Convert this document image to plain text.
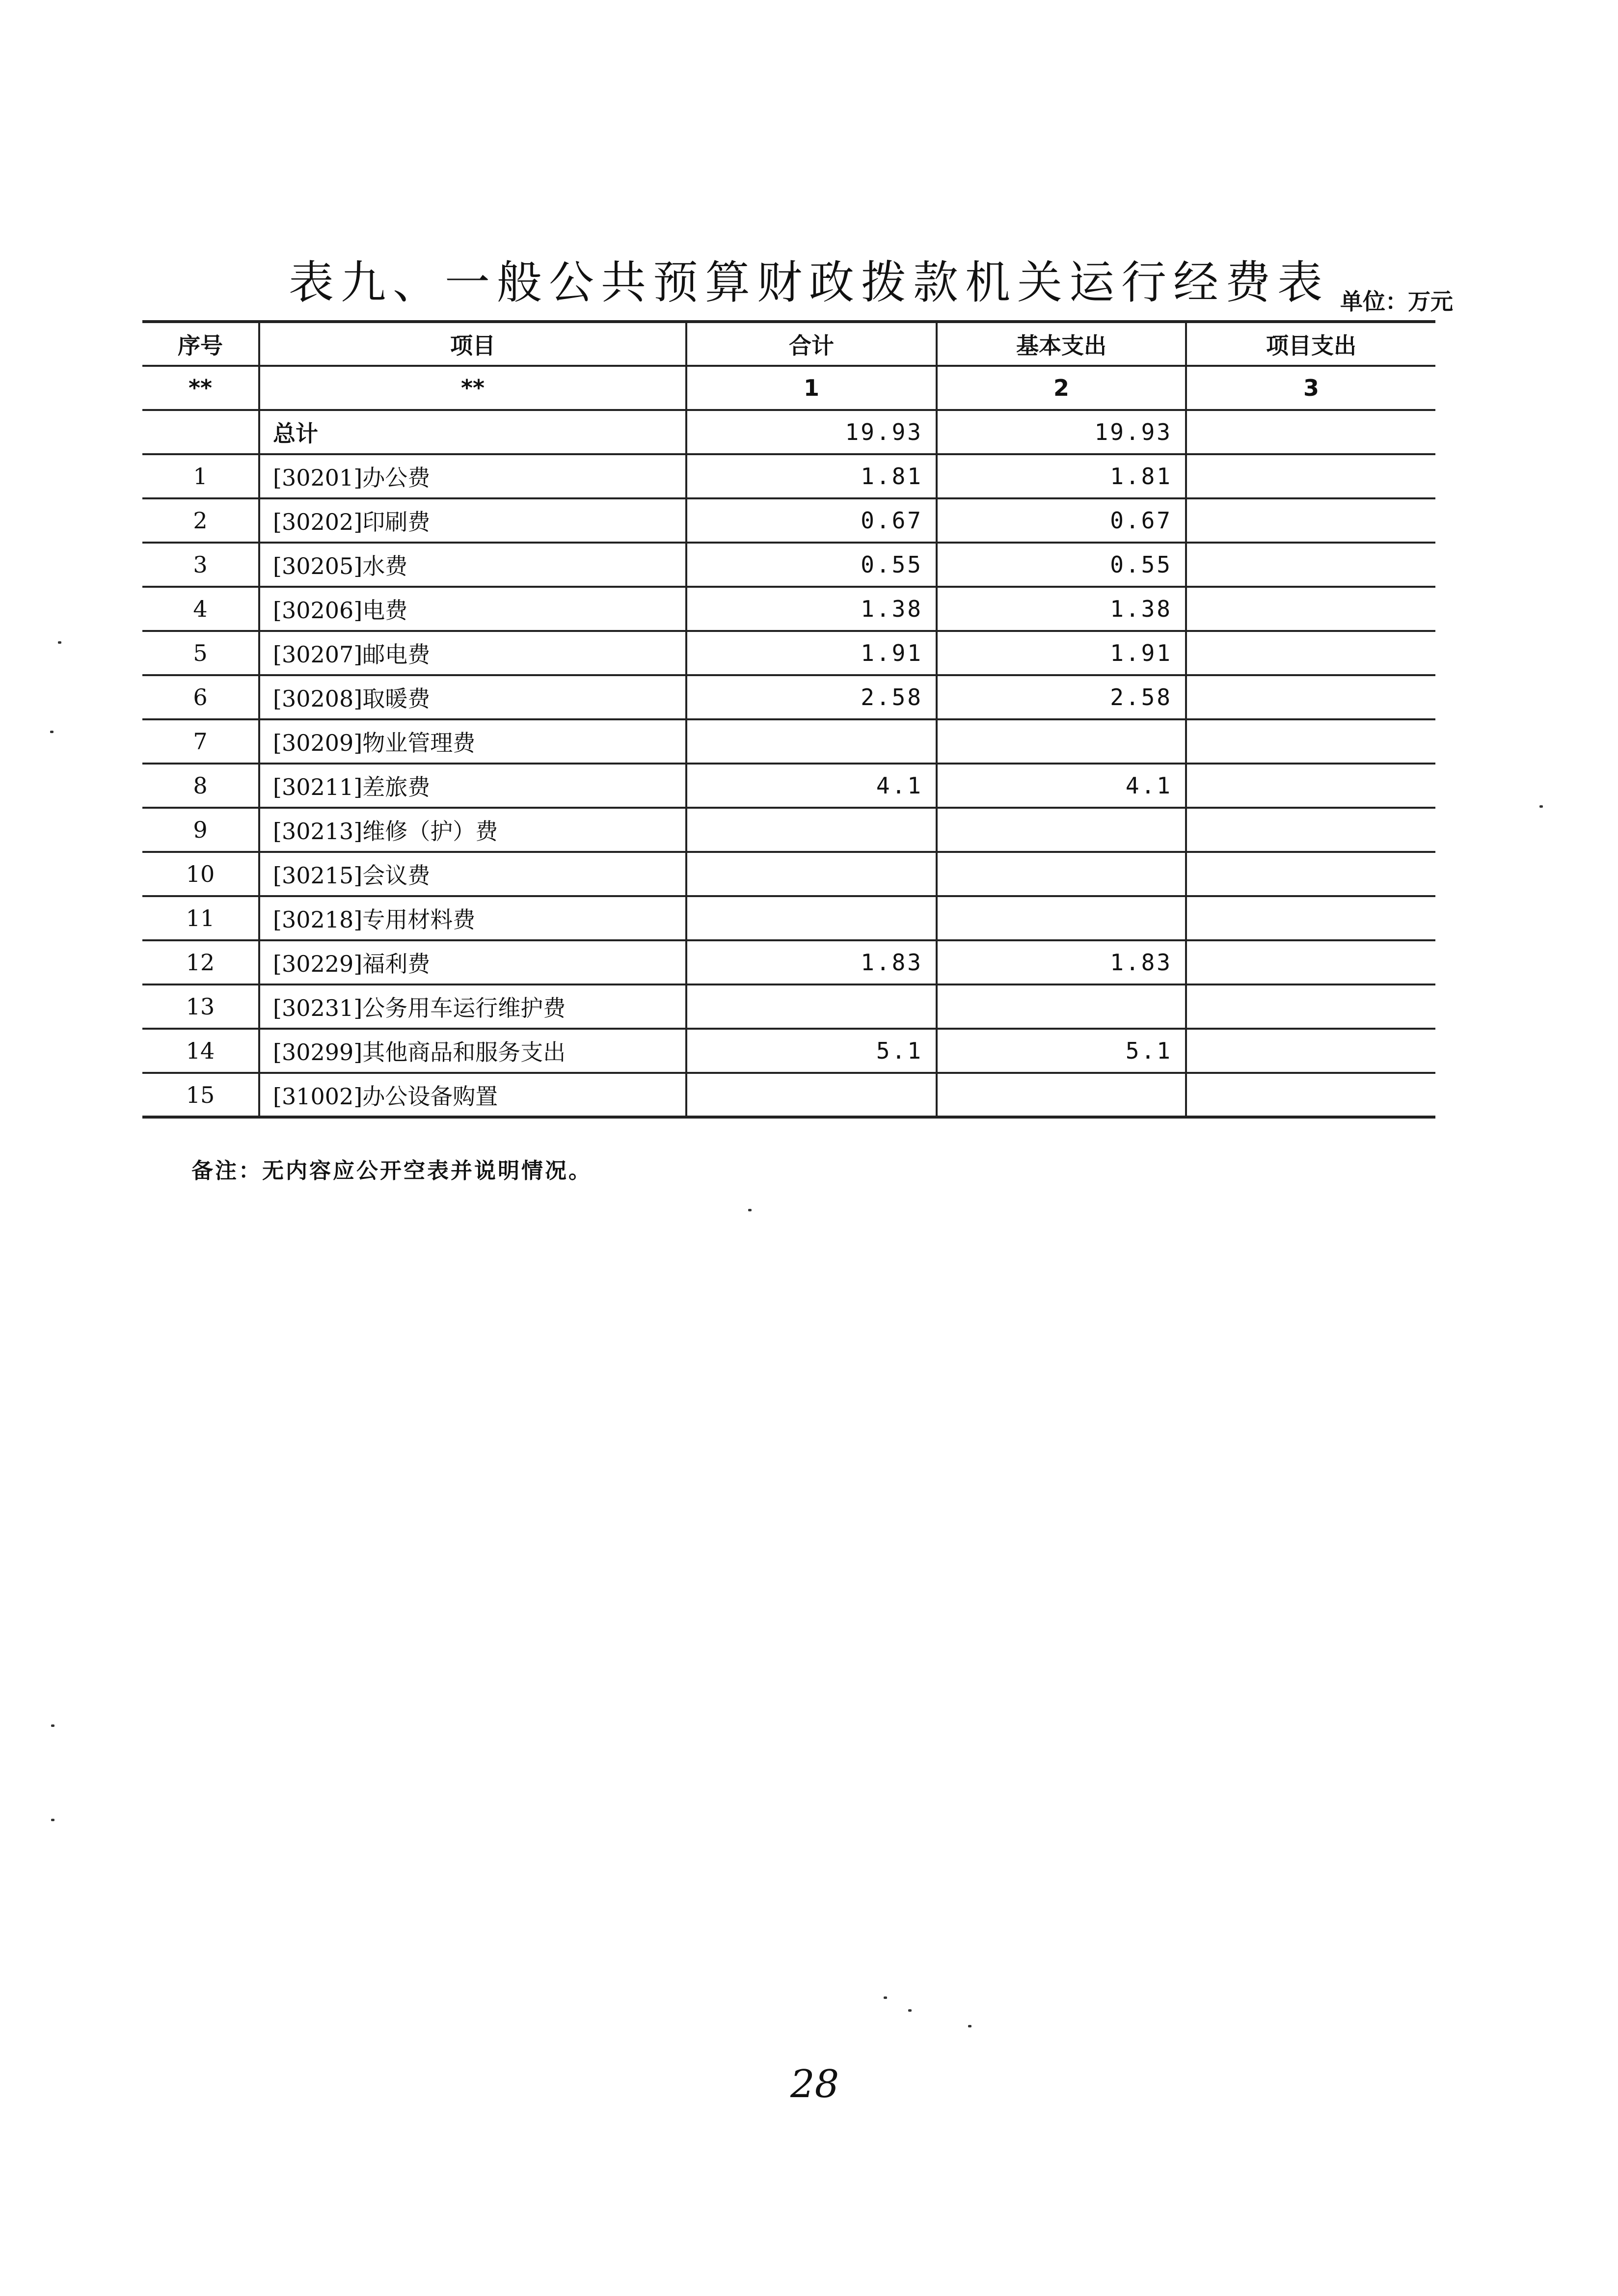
表九、一般公共预算财政拨款机关运行经费表 单位：万元
序号	项目	合计	基本支出	项目支出
**	**	1	2	3
	总计	19.93	19.93	
1	[30201]办公费	1.81	1.81	
2	[30202]印刷费	0.67	0.67	
3	[30205]水费	0.55	0.55	
4	[30206]电费	1.38	1.38	
5	[30207]邮电费	1.91	1.91	
6	[30208]取暖费	2.58	2.58	
7	[30209]物业管理费			
8	[30211]差旅费	4.1	4.1	
9	[30213]维修（护）费			
10	[30215]会议费			
11	[30218]专用材料费			
12	[30229]福利费	1.83	1.83	
13	[30231]公务用车运行维护费			
14	[30299]其他商品和服务支出	5.1	5.1	
15	[31002]办公设备购置			
备注：无内容应公开空表并说明情况。
28
